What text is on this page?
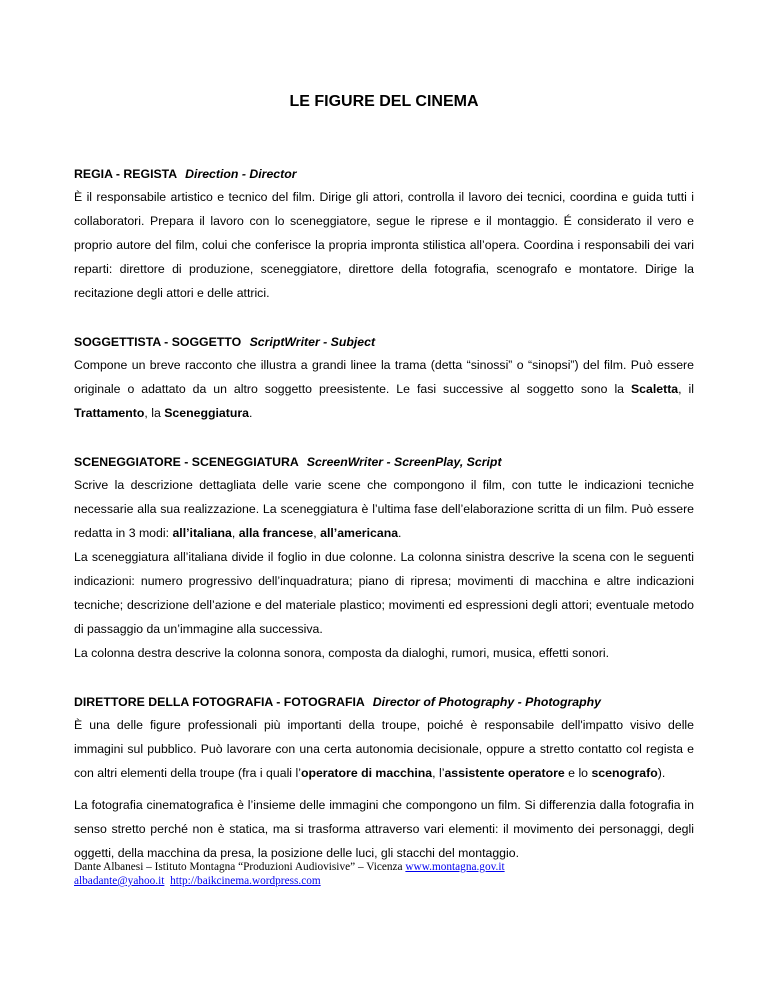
LE FIGURE DEL CINEMA

REGIA - REGISTA Direction - Director

È il responsabile artistico e tecnico del film. Dirige gli attori, controlla il lavoro dei tecnici, coordina e guida tutti i collaboratori. Prepara il lavoro con lo sceneggiatore, segue le riprese e il montaggio. É considerato il vero e proprio autore del film, colui che conferisce la propria impronta stilistica all’opera. Coordina i responsabili dei vari reparti: direttore di produzione, sceneggiatore, direttore della fotografia, scenografo e montatore. Dirige la recitazione degli attori e delle attrici.

SOGGETTISTA - SOGGETTO ScriptWriter - Subject

Compone un breve racconto che illustra a grandi linee la trama (detta “sinossi” o “sinopsi”) del film. Può essere originale o adattato da un altro soggetto preesistente. Le fasi successive al soggetto sono la Scaletta, il Trattamento, la Sceneggiatura.

SCENEGGIATORE - SCENEGGIATURA ScreenWriter - ScreenPlay, Script

Scrive la descrizione dettagliata delle varie scene che compongono il film, con tutte le indicazioni tecniche necessarie alla sua realizzazione. La sceneggiatura è l’ultima fase dell’elaborazione scritta di un film. Può essere redatta in 3 modi: all’italiana, alla francese, all’americana.

La sceneggiatura all’italiana divide il foglio in due colonne. La colonna sinistra descrive la scena con le seguenti indicazioni: numero progressivo dell’inquadratura; piano di ripresa; movimenti di macchina e altre indicazioni tecniche; descrizione dell’azione e del materiale plastico; movimenti ed espressioni degli attori; eventuale metodo di passaggio da un’immagine alla successiva.

La colonna destra descrive la colonna sonora, composta da dialoghi, rumori, musica, effetti sonori.

DIRETTORE DELLA FOTOGRAFIA - FOTOGRAFIA Director of Photography - Photography

È una delle figure professionali più importanti della troupe, poiché è responsabile dell'impatto visivo delle immagini sul pubblico. Può lavorare con una certa autonomia decisionale, oppure a stretto contatto col regista e con altri elementi della troupe (fra i quali l’operatore di macchina, l’assistente operatore e lo scenografo).

La fotografia cinematografica è l’insieme delle immagini che compongono un film. Si differenzia dalla fotografia in senso stretto perché non è statica, ma si trasforma attraverso vari elementi: il movimento dei personaggi, degli oggetti, della macchina da presa, la posizione delle luci, gli stacchi del montaggio.

Dante Albanesi – Istituto Montagna “Produzioni Audiovisive” – Vicenza www.montagna.gov.it
albadante@yahoo.it http://baikcinema.wordpress.com
